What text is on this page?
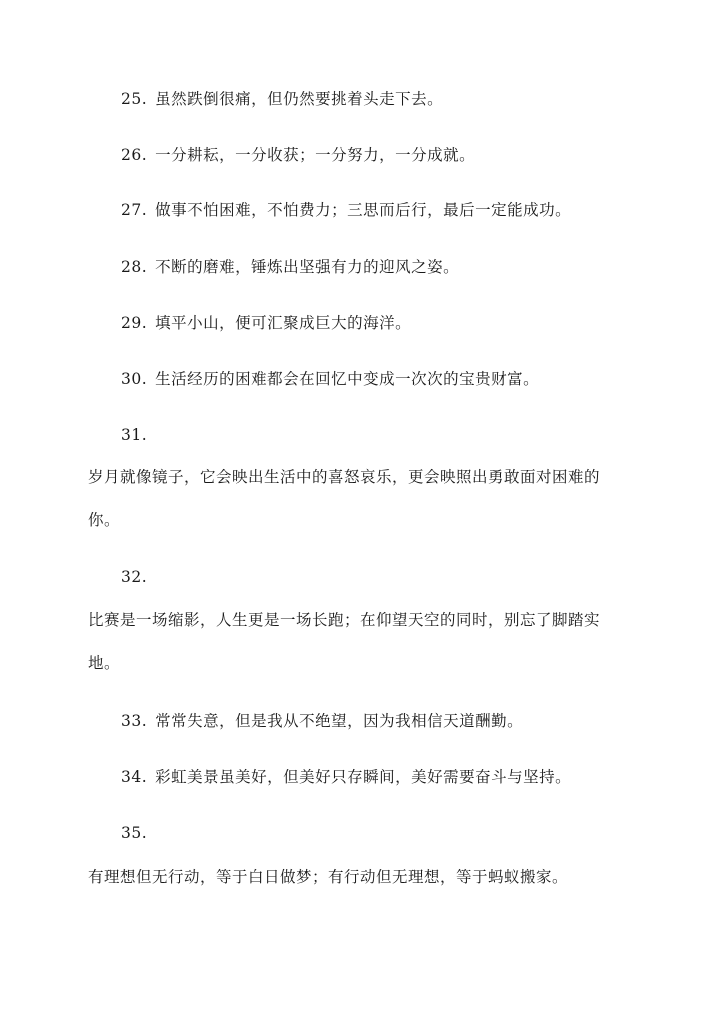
25. 虽然跌倒很痛，但仍然要挑着头走下去。
26. 一分耕耘，一分收获；一分努力，一分成就。
27. 做事不怕困难，不怕费力；三思而后行，最后一定能成功。
28. 不断的磨难，锤炼出坚强有力的迎风之姿。
29. 填平小山，便可汇聚成巨大的海洋。
30. 生活经历的困难都会在回忆中变成一次次的宝贵财富。
31.
岁月就像镜子，它会映出生活中的喜怒哀乐，更会映照出勇敢面对困难的
你。
32.
比赛是一场缩影，人生更是一场长跑；在仰望天空的同时，别忘了脚踏实
地。
33. 常常失意，但是我从不绝望，因为我相信天道酬勤。
34. 彩虹美景虽美好，但美好只存瞬间，美好需要奋斗与坚持。
35.
有理想但无行动，等于白日做梦；有行动但无理想，等于蚂蚁搬家。
